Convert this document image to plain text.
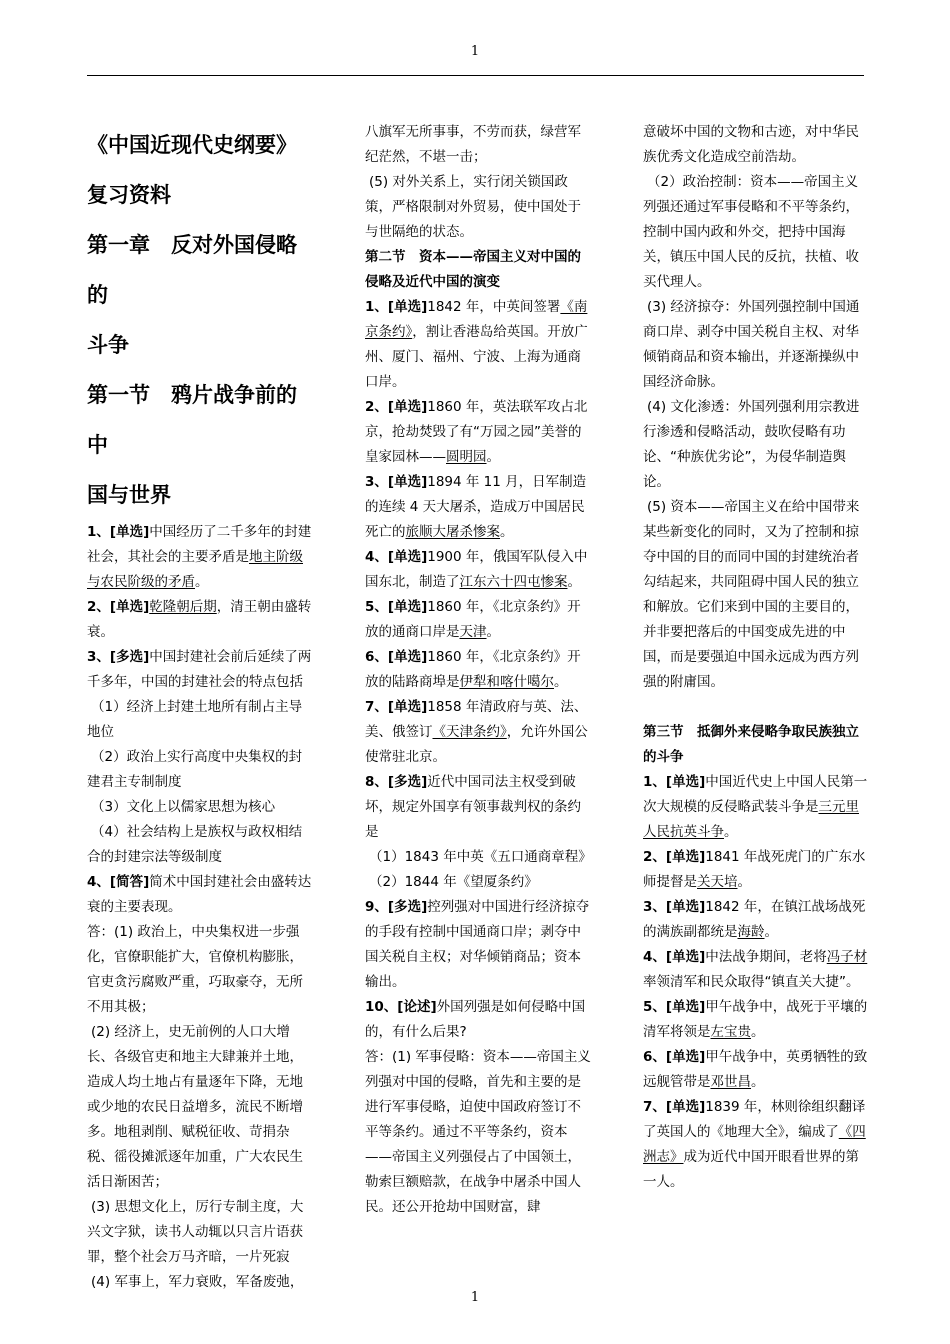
1
《中国近现代史纲要》
复习资料
第一章　反对外国侵略的
斗争
第一节　鸦片战争前的中
国与世界

1、[单选]中国经历了二千多年的封建社会，其社会的主要矛盾是地主阶级与农民阶级的矛盾。

2、[单选]乾隆朝后期，清王朝由盛转衰。

3、[多选]中国封建社会前后延续了两千多年，中国的封建社会的特点包括

（1）经济上封建土地所有制占主导地位

（2）政治上实行高度中央集权的封建君主专制制度

（3）文化上以儒家思想为核心

（4）社会结构上是族权与政权相结合的封建宗法等级制度

4、[简答]简术中国封建社会由盛转达衰的主要表现。

答：(1) 政治上，中央集权进一步强化，官僚职能扩大，官僚机构膨胀，官吏贪污腐败严重，巧取豪夺，无所不用其极；

(2) 经济上，史无前例的人口大增长、各级官吏和地主大肆兼并土地，造成人均土地占有量逐年下降，无地或少地的农民日益增多，流民不断增多。地租剥削、赋税征收、苛捐杂税、徭役摊派逐年加重，广大农民生活日渐困苦；

(3) 思想文化上，厉行专制主度，大兴文字狱，读书人动辄以只言片语获罪，整个社会万马齐暗，一片死寂

(4) 军事上，军力衰败，军备废弛，

八旗军无所事事，不劳而获，绿营军纪茫然，不堪一击；

(5) 对外关系上，实行闭关锁国政策，严格限制对外贸易，使中国处于与世隔绝的状态。

第二节　资本——帝国主义对中国的侵略及近代中国的演变

1、[单选]1842 年，中英间签署《南京条约》，割让香港岛给英国。开放广州、厦门、福州、宁波、上海为通商口岸。

2、[单选]1860 年，英法联军攻占北京，抢劫焚毁了有“万园之园”美誉的皇家园林——圆明园。

3、[单选]1894 年 11 月，日军制造的连续 4 天大屠杀，造成万中国居民死亡的旅顺大屠杀惨案。

4、[单选]1900 年，俄国军队侵入中国东北，制造了江东六十四屯惨案。

5、[单选]1860 年，《北京条约》开放的通商口岸是天津。

6、[单选]1860 年，《北京条约》开放的陆路商埠是伊犁和喀什噶尔。

7、[单选]1858 年清政府与英、法、美、俄签订《天津条约》，允许外国公使常驻北京。

8、[多选]近代中国司法主权受到破坏，规定外国享有领事裁判权的条约是

（1）1843 年中英《五口通商章程》

（2）1844 年《望厦条约》

9、[多选]控列强对中国进行经济掠夺的手段有控制中国通商口岸；剥夺中国关税自主权；对华倾销商品；资本输出。

10、[论述]外国列强是如何侵略中国的，有什么后果?

答：(1) 军事侵略：资本——帝国主义列强对中国的侵略，首先和主要的是进行军事侵略，迫使中国政府签订不平等条约。通过不平等条约，资本——帝国主义列强侵占了中国领土，勒索巨额赔款，在战争中屠杀中国人民。还公开抢劫中国财富，肆

意破坏中国的文物和古迹，对中华民族优秀文化造成空前浩劫。

（2）政治控制：资本——帝国主义列强还通过军事侵略和不平等条约，控制中国内政和外交，把持中国海关，镇压中国人民的反抗，扶植、收买代理人。

(3) 经济掠夺：外国列强控制中国通商口岸、剥夺中国关税自主权、对华倾销商品和资本输出，并逐渐操纵中国经济命脉。

(4) 文化渗透：外国列强利用宗教进行渗透和侵略活动，鼓吹侵略有功论、“种族优劣论”，为侵华制造舆论。

(5) 资本——帝国主义在给中国带来某些新变化的同时，又为了控制和掠夺中国的目的而同中国的封建统治者勾结起来，共同阻碍中国人民的独立和解放。它们来到中国的主要目的，并非要把落后的中国变成先进的中国，而是要强迫中国永远成为西方列强的附庸国。

第三节　抵御外来侵略争取民族独立的斗争

1、[单选]中国近代史上中国人民第一次大规模的反侵略武装斗争是三元里人民抗英斗争。

2、[单选]1841 年战死虎门的广东水师提督是关天培。

3、[单选]1842 年，在镇江战场战死的满族副都统是海龄。

4、[单选]中法战争期间，老将冯子材率领清军和民众取得“镇直关大捷”。

5、[单选]甲午战争中，战死于平壤的清军将领是左宝贵。

6、[单选]甲午战争中，英勇牺牲的致远舰管带是邓世昌。

7、[单选]1839 年，林则徐组织翻译了英国人的《地理大全》，编成了《四洲志》成为近代中国开眼看世界的第一人。

1
